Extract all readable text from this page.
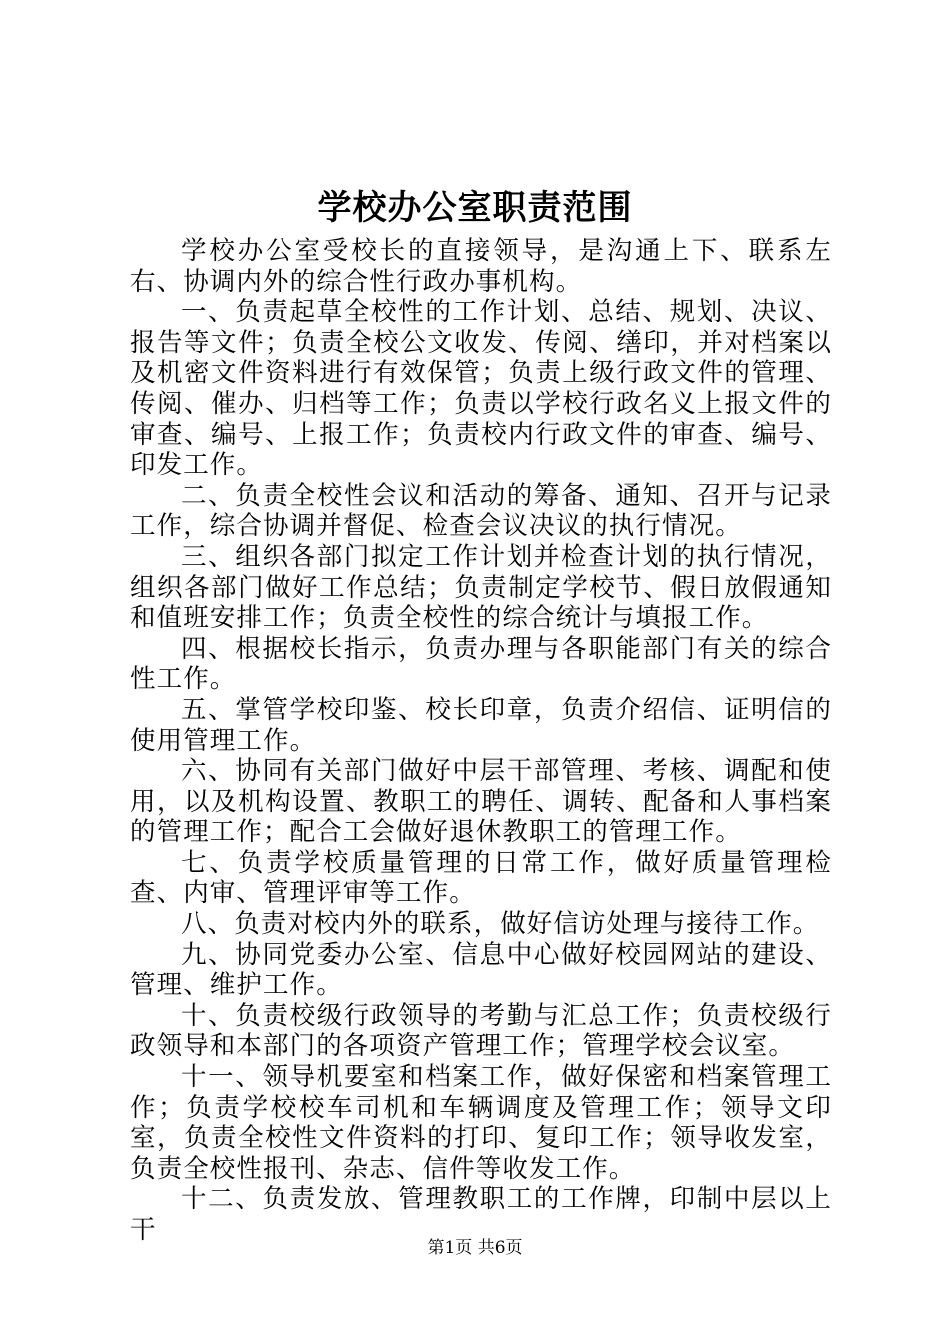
学校办公室职责范围

学校办公室受校长的直接领导，是沟通上下、联系左右、协调内外的综合性行政办事机构。

一、负责起草全校性的工作计划、总结、规划、决议、报告等文件；负责全校公文收发、传阅、缮印，并对档案以及机密文件资料进行有效保管；负责上级行政文件的管理、传阅、催办、归档等工作；负责以学校行政名义上报文件的审查、编号、上报工作；负责校内行政文件的审查、编号、印发工作。

二、负责全校性会议和活动的筹备、通知、召开与记录工作，综合协调并督促、检查会议决议的执行情况。

三、组织各部门拟定工作计划并检查计划的执行情况，组织各部门做好工作总结；负责制定学校节、假日放假通知和值班安排工作；负责全校性的综合统计与填报工作。

四、根据校长指示，负责办理与各职能部门有关的综合性工作。

五、掌管学校印鉴、校长印章，负责介绍信、证明信的使用管理工作。

六、协同有关部门做好中层干部管理、考核、调配和使用，以及机构设置、教职工的聘任、调转、配备和人事档案的管理工作；配合工会做好退休教职工的管理工作。

七、负责学校质量管理的日常工作，做好质量管理检查、内审、管理评审等工作。

八、负责对校内外的联系，做好信访处理与接待工作。

九、协同党委办公室、信息中心做好校园网站的建设、管理、维护工作。

十、负责校级行政领导的考勤与汇总工作；负责校级行政领导和本部门的各项资产管理工作；管理学校会议室。

十一、领导机要室和档案工作，做好保密和档案管理工作；负责学校校车司机和车辆调度及管理工作；领导文印室，负责全校性文件资料的打印、复印工作；领导收发室，负责全校性报刊、杂志、信件等收发工作。

十二、负责发放、管理教职工的工作牌，印制中层以上干

第1页 共6页
